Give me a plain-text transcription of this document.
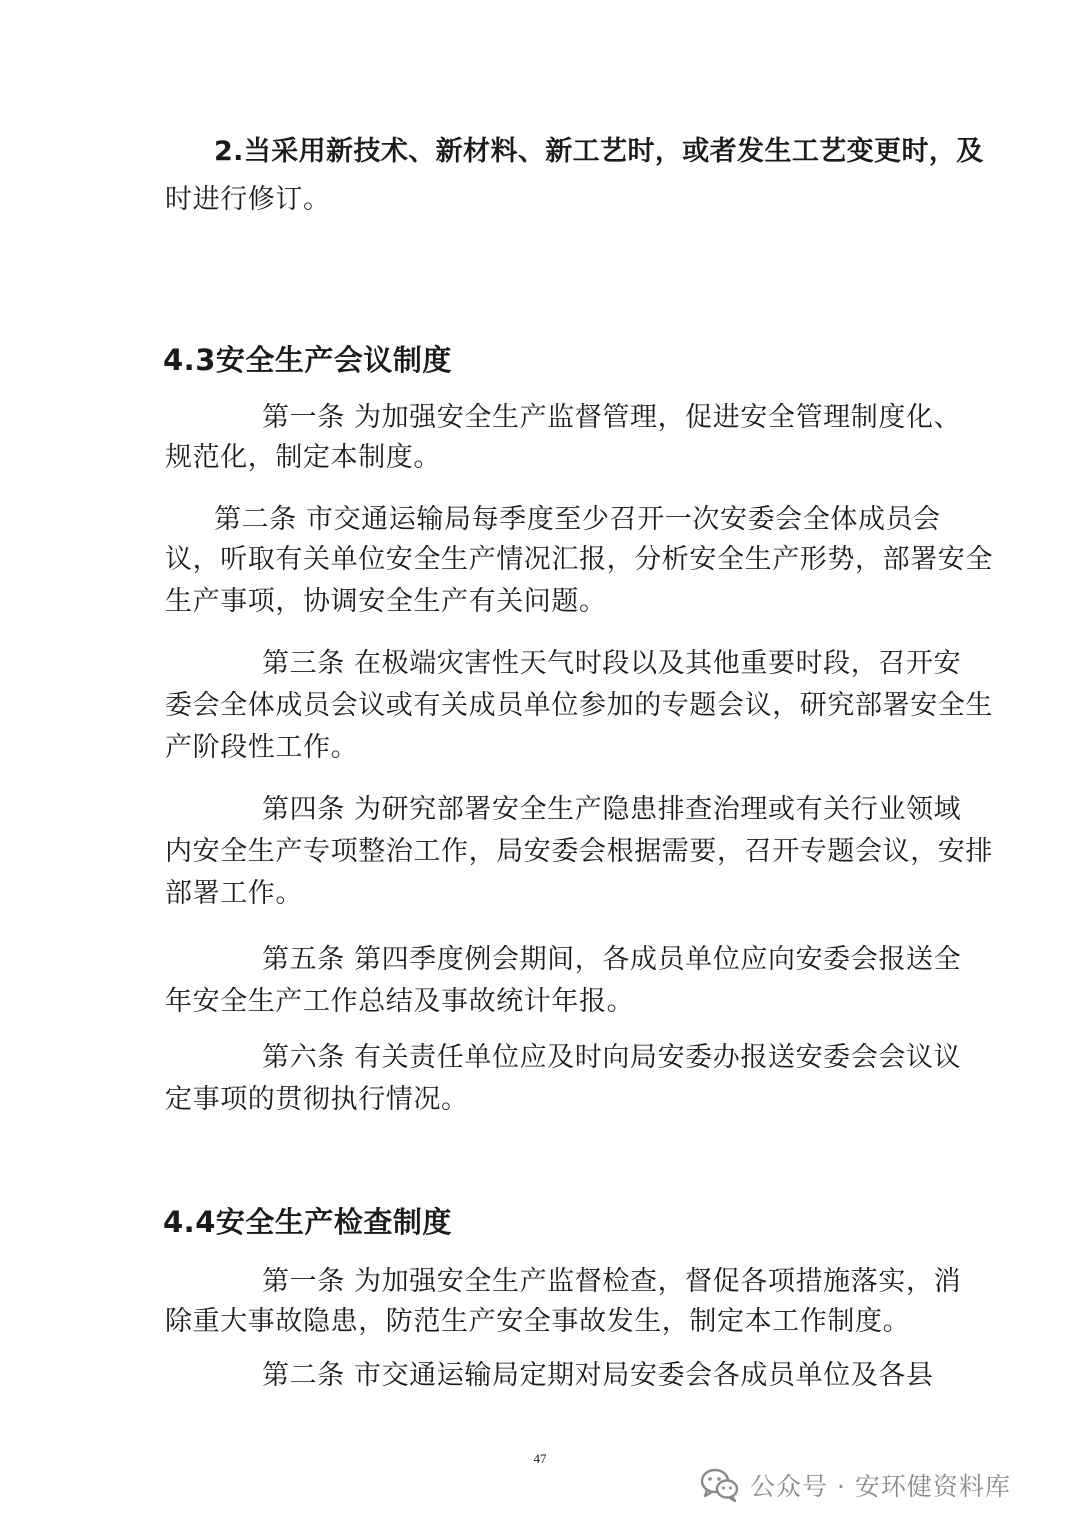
2.当采用新技术、新材料、新工艺时，或者发生工艺变更时，及
时进行修订。
4.3安全生产会议制度
第一条 为加强安全生产监督管理，促进安全管理制度化、
规范化，制定本制度。
第二条 市交通运输局每季度至少召开一次安委会全体成员会
议，听取有关单位安全生产情况汇报，分析安全生产形势，部署安全
生产事项，协调安全生产有关问题。
第三条 在极端灾害性天气时段以及其他重要时段，召开安
委会全体成员会议或有关成员单位参加的专题会议，研究部署安全生
产阶段性工作。
第四条 为研究部署安全生产隐患排查治理或有关行业领域
内安全生产专项整治工作，局安委会根据需要，召开专题会议，安排
部署工作。
第五条 第四季度例会期间，各成员单位应向安委会报送全
年安全生产工作总结及事故统计年报。
第六条 有关责任单位应及时向局安委办报送安委会会议议
定事项的贯彻执行情况。
4.4安全生产检查制度
第一条 为加强安全生产监督检查，督促各项措施落实，消
除重大事故隐患，防范生产安全事故发生，制定本工作制度。
第二条 市交通运输局定期对局安委会各成员单位及各县
47
公众号 · 安环健资料库
